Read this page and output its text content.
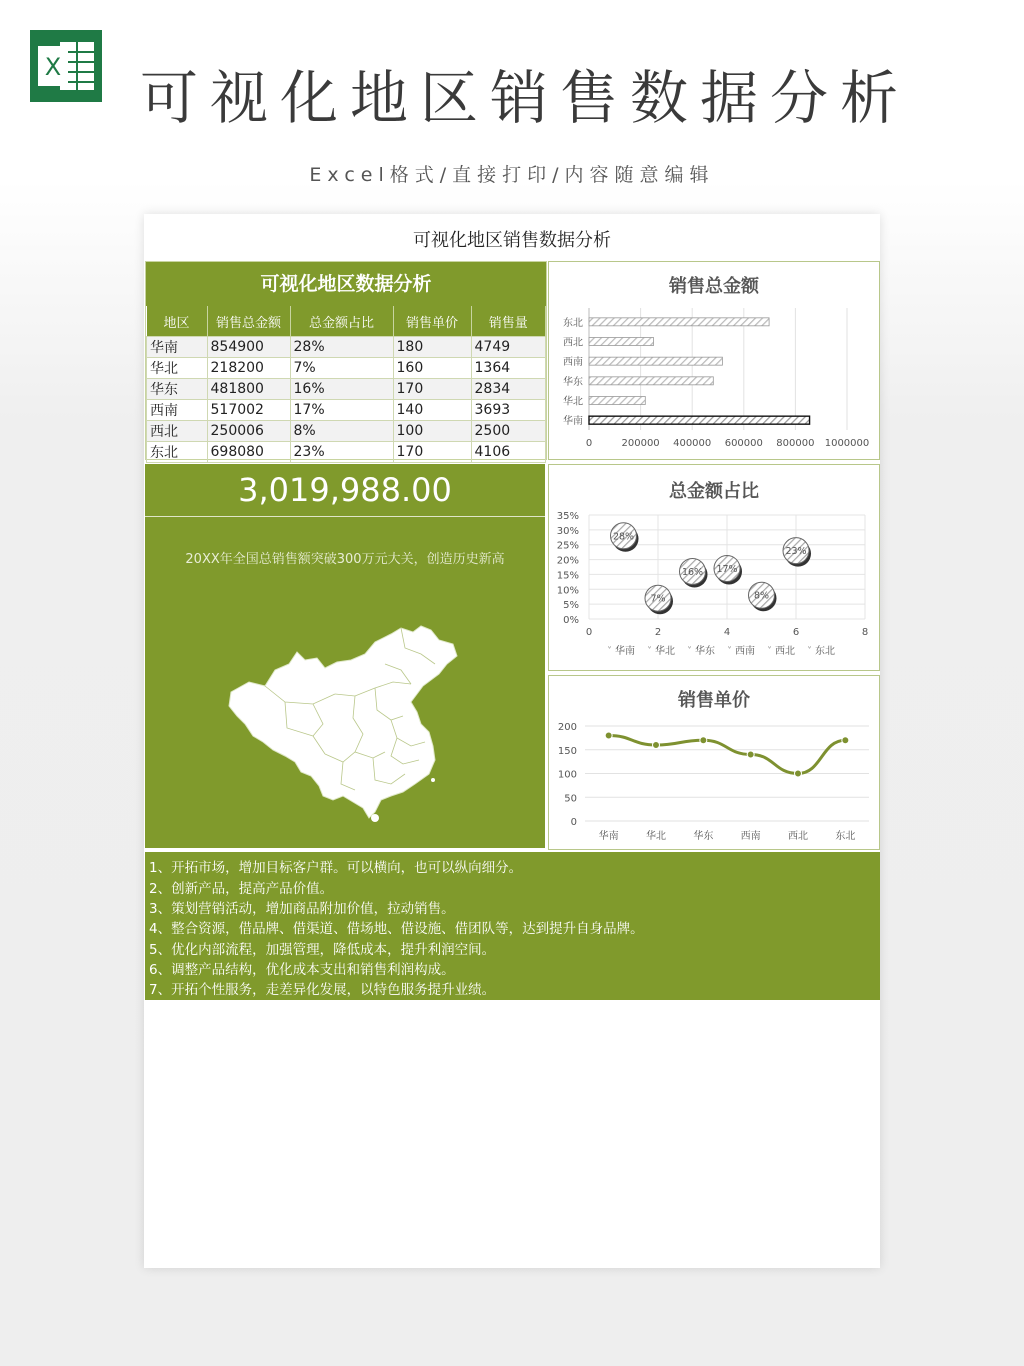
X 可视化地区销售数据分析
Excel格式/直接打印/内容随意编辑
可视化地区销售数据分析
可视化地区数据分析
地区	销售总金额	总金额占比	销售单价	销售量
华南	854900	28%	180	4749
华北	218200	7%	160	1364
华东	481800	16%	170	2834
西南	517002	17%	140	3693
西北	250006	8%	100	2500
东北	698080	23%	170	4106
销售总金额
0	200000 400000 600000 800000 1000000
东北
西北
西南
华东
华北
华南
3,019,988.00
20XX年全国总销售额突破300万元大关，创造历史新高
总金额占比
0%
5%
10%
15%
20%
25%
30%
35%
0	2	4	6	8
28%
7%
16% 17%
8%
23%
˅ 华南 ˅ 华北 ˅ 华东 ˅ 西南 ˅ 西北 ˅ 东北
销售单价
0
50
100
150
200
华南	华北	华东	西南	西北	东北
1、开拓市场，增加目标客户群。可以横向，也可以纵向细分。
2、创新产品，提高产品价值。
3、策划营销活动，增加商品附加价值，拉动销售。
4、整合资源，借品牌、借渠道、借场地、借设施、借团队等，达到提升自身品牌。
5、优化内部流程，加强管理，降低成本，提升利润空间。
6、调整产品结构，优化成本支出和销售利润构成。
7、开拓个性服务，走差异化发展，以特色服务提升业绩。
